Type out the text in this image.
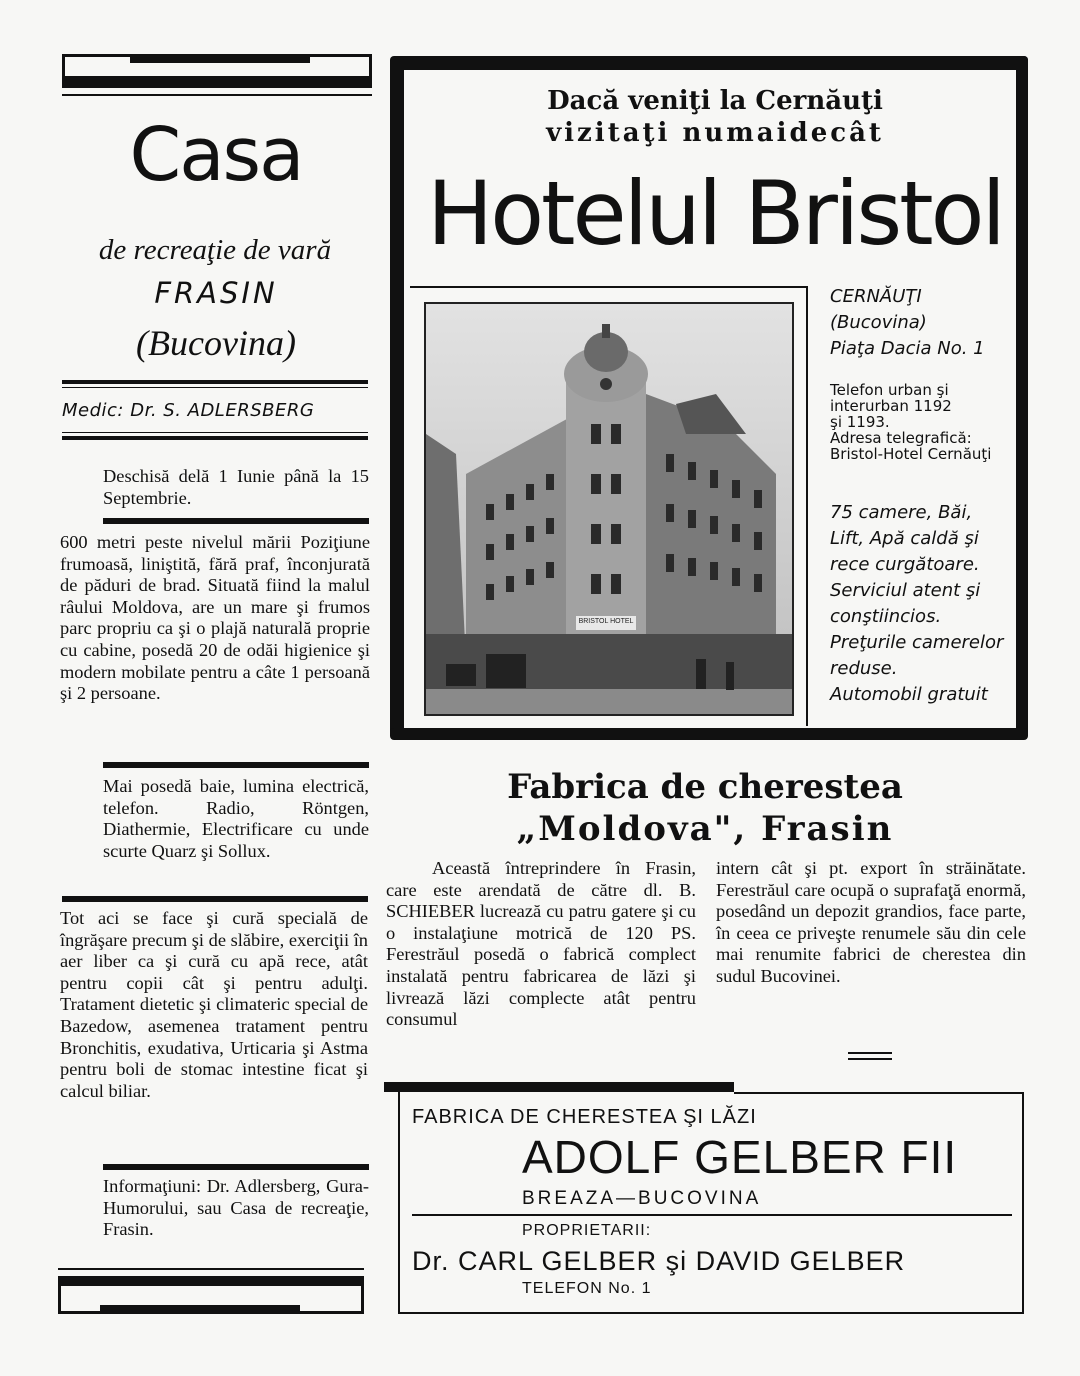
Casa
de recreaţie de vară
FRASIN
(Bucovina)
Medic: Dr. S. ADLERSBERG
Deschisă delă 1 Iunie până la 15 Septembrie.
600 metri peste nivelul mării Poziţiune frumoasă, liniştită, fără praf, înconjurată de păduri de brad. Situată fiind la malul râului Moldova, are un mare şi frumos parc propriu ca şi o plajă naturală proprie cu cabine, posedă 20 de odăi higienice şi modern mobilate pentru a câte 1 persoană şi 2 persoane.
Mai posedă baie, lumina electrică, telefon. Radio, Röntgen, Diathermie, Electrificare cu unde scurte Quarz şi Sollux.
Tot aci se face şi cură specială de îngrăşare precum şi de slăbire, exerciţii în aer liber ca şi cură cu apă rece, atât pentru copii cât şi pentru adulţi. Tratament dietetic şi climateric special de Bazedow, asemenea tratament pentru Bronchitis, exudativa, Urticaria şi Astma pentru boli de stomac intestine ficat şi calcul biliar.
Informaţiuni: Dr. Adlersberg, Gura-Humorului, sau Casa de recreaţie, Frasin.
Dacă veniţi la Cernăuţi
vizitaţi numaidecât
Hotelul Bristol
BRISTOL HOTEL
CERNĂUŢI
(Bucovina)
Piaţa Dacia No. 1
Telefon urban şi
interurban 1192
şi 1193.
Adresa telegrafică:
Bristol-Hotel Cernăuţi
75 camere, Băi,
Lift, Apă caldă şi
rece curgătoare.
Serviciul atent şi
conştiincios.
Preţurile camerelor
reduse.
Automobil gratuit
Fabrica de cherestea
„Moldova", Frasin
Această întreprindere în Frasin, care este arendată de către dl. B. SCHIEBER lucrează cu patru gatere şi cu o instalaţiune motrică de 120 PS. Ferestrăul posedă o fabrică complect instalată pentru fabricarea de lăzi şi livrează lăzi complecte atât pentru consumul
intern cât şi pt. export în străinătate. Ferestrăul care ocupă o suprafaţă enormă, posedând un depozit grandios, face parte, în ceea ce priveşte renumele său din cele mai renumite fabrici de cherestea din sudul Bucovinei.
FABRICA DE CHERESTEA ŞI LĂZI
ADOLF GELBER FII
BREAZA—BUCOVINA
PROPRIETARII:
Dr. CARL GELBER şi DAVID GELBER
TELEFON No. 1
